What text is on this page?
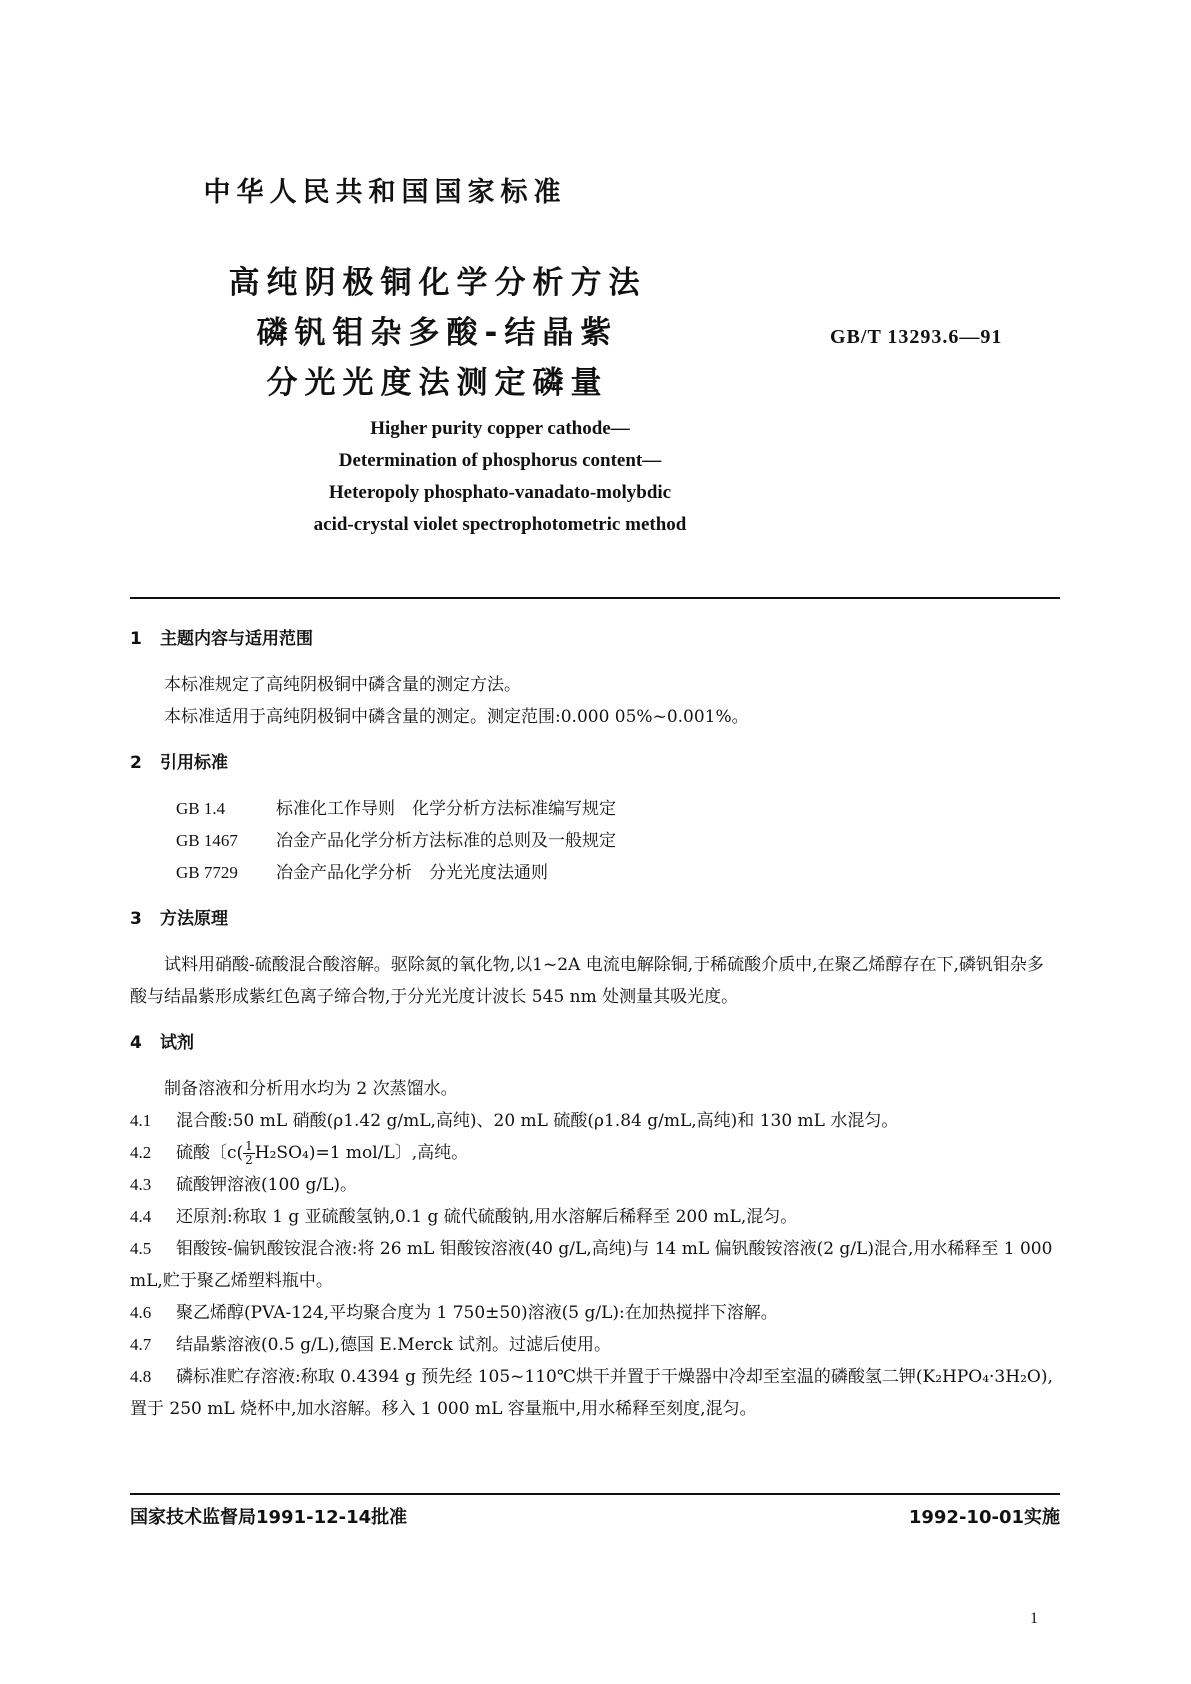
中华人民共和国国家标准
高纯阴极铜化学分析方法
磷钒钼杂多酸-结晶紫
分光光度法测定磷量
GB/T 13293.6—91
Higher purity copper cathode—
Determination of phosphorus content—
Heteropoly phosphato-vanadato-molybdic
acid-crystal violet spectrophotometric method
1 主题内容与适用范围

本标准规定了高纯阴极铜中磷含量的测定方法。

本标准适用于高纯阴极铜中磷含量的测定。测定范围:0.000 05%~0.001%。

2 引用标准
GB 1.4	标准化工作导则　化学分析方法标准编写规定
GB 1467	冶金产品化学分析方法标准的总则及一般规定
GB 7729	冶金产品化学分析　分光光度法通则
3 方法原理

试料用硝酸-硫酸混合酸溶解。驱除氮的氧化物,以1~2A 电流电解除铜,于稀硫酸介质中,在聚乙烯醇存在下,磷钒钼杂多酸与结晶紫形成紫红色离子缔合物,于分光光度计波长 545 nm 处测量其吸光度。

4 试剂

制备溶液和分析用水均为 2 次蒸馏水。

4.1 混合酸:50 mL 硝酸(ρ1.42 g/mL,高纯)、20 mL 硫酸(ρ1.84 g/mL,高纯)和 130 mL 水混匀。

4.2 硫酸〔$c( \frac{1}{2} H_2SO_4)=1$ mol/L〕,高纯。

4.3 硫酸钾溶液(100 g/L)。

4.4 还原剂:称取 1 g 亚硫酸氢钠,0.1 g 硫代硫酸钠,用水溶解后稀释至 200 mL,混匀。

4.5 钼酸铵-偏钒酸铵混合液:将 26 mL 钼酸铵溶液(40 g/L,高纯)与 14 mL 偏钒酸铵溶液(2 g/L)混合,用水稀释至 1 000 mL,贮于聚乙烯塑料瓶中。

4.6 聚乙烯醇(PVA-124,平均聚合度为 1 750±50)溶液(5 g/L):在加热搅拌下溶解。

4.7 结晶紫溶液(0.5 g/L),德国 E.Merck 试剂。过滤后使用。

4.8 磷标准贮存溶液:称取 0.4394 g 预先经 105~110℃烘干并置于干燥器中冷却至室温的磷酸氢二钾(K₂HPO₄·3H₂O),置于 250 mL 烧杯中,加水溶解。移入 1 000 mL 容量瓶中,用水稀释至刻度,混匀。

国家技术监督局1991-12-14批准	1992-10-01实施
1
